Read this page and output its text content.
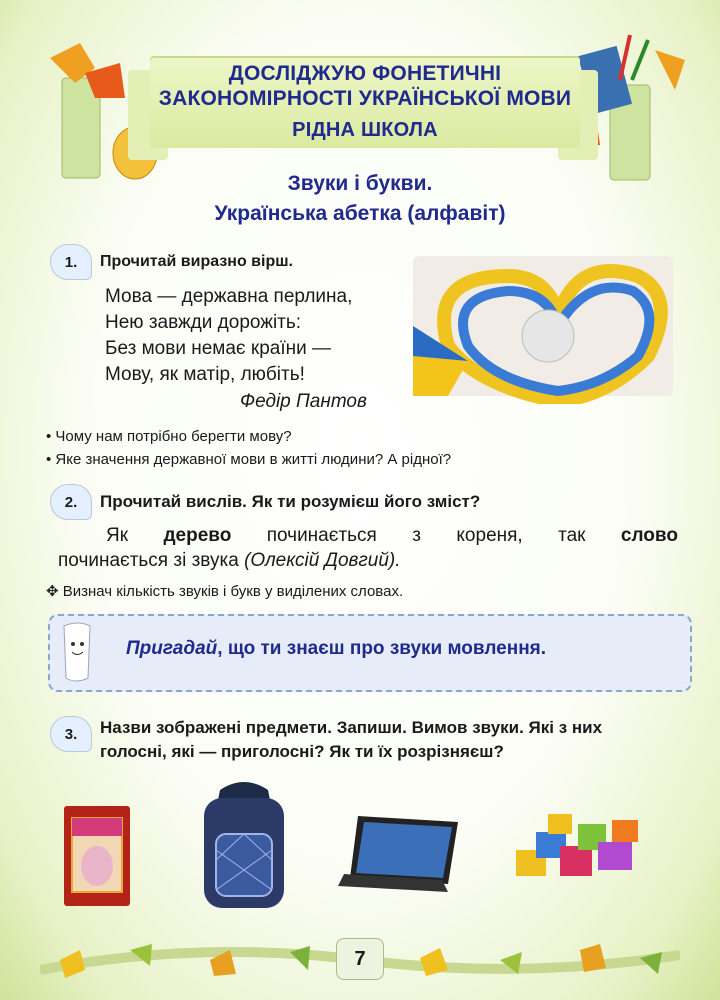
ДОСЛІДЖУЮ ФОНЕТИЧНІ
ЗАКОНОМІРНОСТІ УКРАЇНСЬКОЇ МОВИ
РІДНА ШКОЛА
Звуки і букви.
Українська абетка (алфавіт)
1.	Прочитай виразно вірш.
Мова — державна перлина,
Нею завжди дорожіть:
Без мови немає країни —
Мову, як матір, любіть!
Федір Пантов
• Чому нам потрібно берегти мову?
• Яке значення державної мови в житті людини? А рідної?
2.	Прочитай вислів. Як ти розумієш його зміст?
Як дерево починається з кореня, так слово
починається зі звука (Олексій Довгий).
✥ Визнач кількість звуків і букв у виділених словах.
Пригадай, що ти знаєш про звуки мовлення.
3.	Назви зображені предмети. Запиши. Вимов звуки. Які з них
голосні, які — приголосні? Як ти їх розрізняєш?
7
